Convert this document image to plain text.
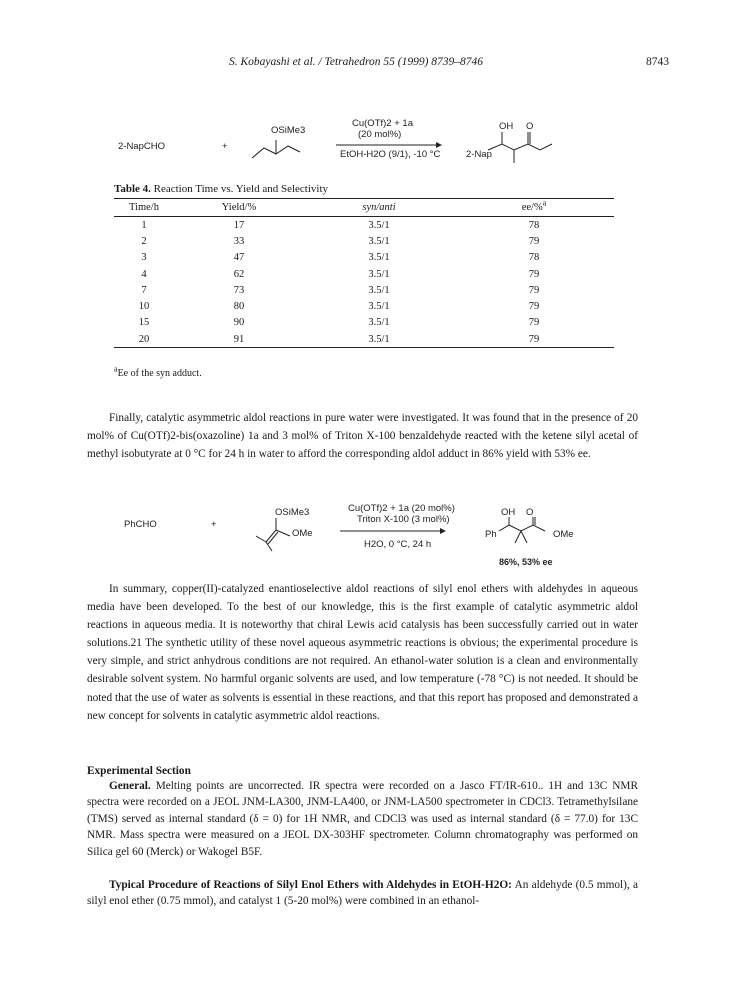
S. Kobayashi et al. / Tetrahedron 55 (1999) 8739–8746	8743
2-NapCHO	+
OSiMe3
Cu(OTf)2 + 1a
(20 mol%)
EtOH-H2O (9/1), -10 °C
OH O
2-Nap
Table 4. Reaction Time vs. Yield and Selectivity
Time/h	Yield/%	syn/anti	ee/%$^a$
1	17	3.5/1	78
2	33	3.5/1	79
3	47	3.5/1	78
4	62	3.5/1	79
7	73	3.5/1	79
10	80	3.5/1	79
15	90	3.5/1	79
20	91	3.5/1	79
$^a$Ee of the syn adduct.
Finally, catalytic asymmetric aldol reactions in pure water were investigated. It was found that in the presence of 20 mol% of Cu(OTf)2-bis(oxazoline) 1a and 3 mol% of Triton X-100 benzaldehyde reacted with the ketene silyl acetal of methyl isobutyrate at 0 °C for 24 h in water to afford the corresponding aldol adduct in 86% yield with 53% ee.
PhCHO	+
OSiMe3
OMe
Cu(OTf)2 + 1a (20 mol%)
Triton X-100 (3 mol%)
H2O, 0 °C, 24 h
OH O
Ph	OMe
86%, 53% ee
In summary, copper(II)-catalyzed enantioselective aldol reactions of silyl enol ethers with aldehydes in aqueous media have been developed. To the best of our knowledge, this is the first example of catalytic asymmetric aldol reactions in aqueous media. It is noteworthy that chiral Lewis acid catalysis has been successfully carried out in water solutions.21 The synthetic utility of these novel aqueous asymmetric reactions is obvious; the experimental procedure is very simple, and strict anhydrous conditions are not required. An ethanol-water solution is a clean and environmentally desirable solvent system. No harmful organic solvents are used, and low temperature (-78 °C) is not needed. It should be noted that the use of water as solvents is essential in these reactions, and that this report has proposed and demonstrated a new concept for solvents in catalytic asymmetric aldol reactions.
Experimental Section
General. Melting points are uncorrected. IR spectra were recorded on a Jasco FT/IR-610.. 1H and 13C NMR spectra were recorded on a JEOL JNM-LA300, JNM-LA400, or JNM-LA500 spectrometer in CDCl3. Tetramethylsilane (TMS) served as internal standard (δ = 0) for 1H NMR, and CDCl3 was used as internal standard (δ = 77.0) for 13C NMR. Mass spectra were measured on a JEOL DX-303HF spectrometer. Column chromatography was performed on Silica gel 60 (Merck) or Wakogel B5F.
Typical Procedure of Reactions of Silyl Enol Ethers with Aldehydes in EtOH-H2O: An aldehyde (0.5 mmol), a silyl enol ether (0.75 mmol), and catalyst 1 (5-20 mol%) were combined in an ethanol-
